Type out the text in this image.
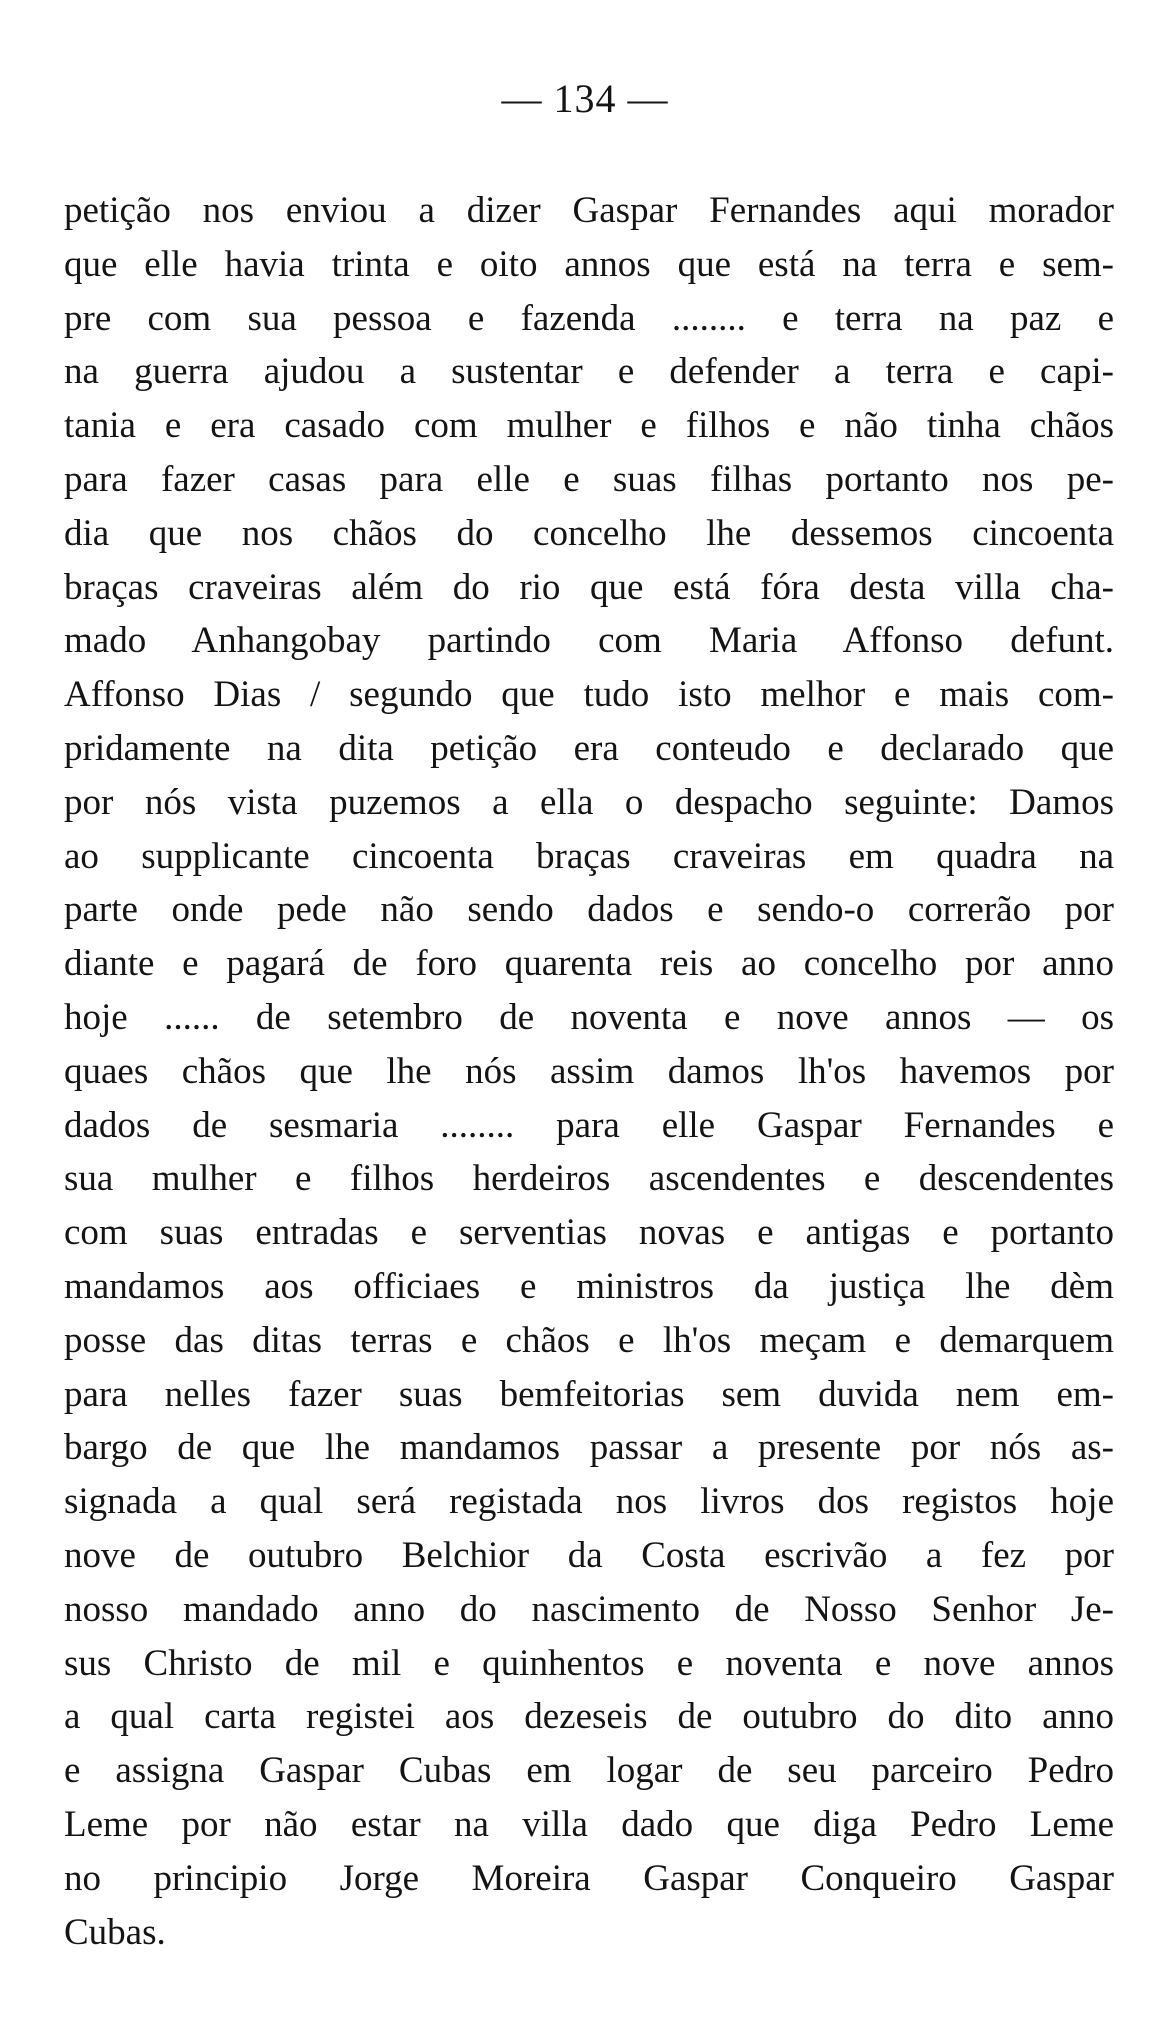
— 134 —
petição nos enviou a dizer Gaspar Fernandes aqui morador
que elle havia trinta e oito annos que está na terra e sem-
pre com sua pessoa e fazenda ........ e terra na paz e
na guerra ajudou a sustentar e defender a terra e capi-
tania e era casado com mulher e filhos e não tinha chãos
para fazer casas para elle e suas filhas portanto nos pe-
dia que nos chãos do concelho lhe dessemos cincoenta
braças craveiras além do rio que está fóra desta villa cha-
mado Anhangobay partindo com Maria Affonso defunt.
Affonso Dias / segundo que tudo isto melhor e mais com-
pridamente na dita petição era conteudo e declarado que
por nós vista puzemos a ella o despacho seguinte: Damos
ao supplicante cincoenta braças craveiras em quadra na
parte onde pede não sendo dados e sendo-o correrão por
diante e pagará de foro quarenta reis ao concelho por anno
hoje ...... de setembro de noventa e nove annos — os
quaes chãos que lhe nós assim damos lh'os havemos por
dados de sesmaria ........ para elle Gaspar Fernandes e
sua mulher e filhos herdeiros ascendentes e descendentes
com suas entradas e serventias novas e antigas e portanto
mandamos aos officiaes e ministros da justiça lhe dèm
posse das ditas terras e chãos e lh'os meçam e demarquem
para nelles fazer suas bemfeitorias sem duvida nem em-
bargo de que lhe mandamos passar a presente por nós as-
signada a qual será registada nos livros dos registos hoje
nove de outubro Belchior da Costa escrivão a fez por
nosso mandado anno do nascimento de Nosso Senhor Je-
sus Christo de mil e quinhentos e noventa e nove annos
a qual carta registei aos dezeseis de outubro do dito anno
e assigna Gaspar Cubas em logar de seu parceiro Pedro
Leme por não estar na villa dado que diga Pedro Leme
no principio Jorge Moreira Gaspar Conqueiro Gaspar
Cubas.
